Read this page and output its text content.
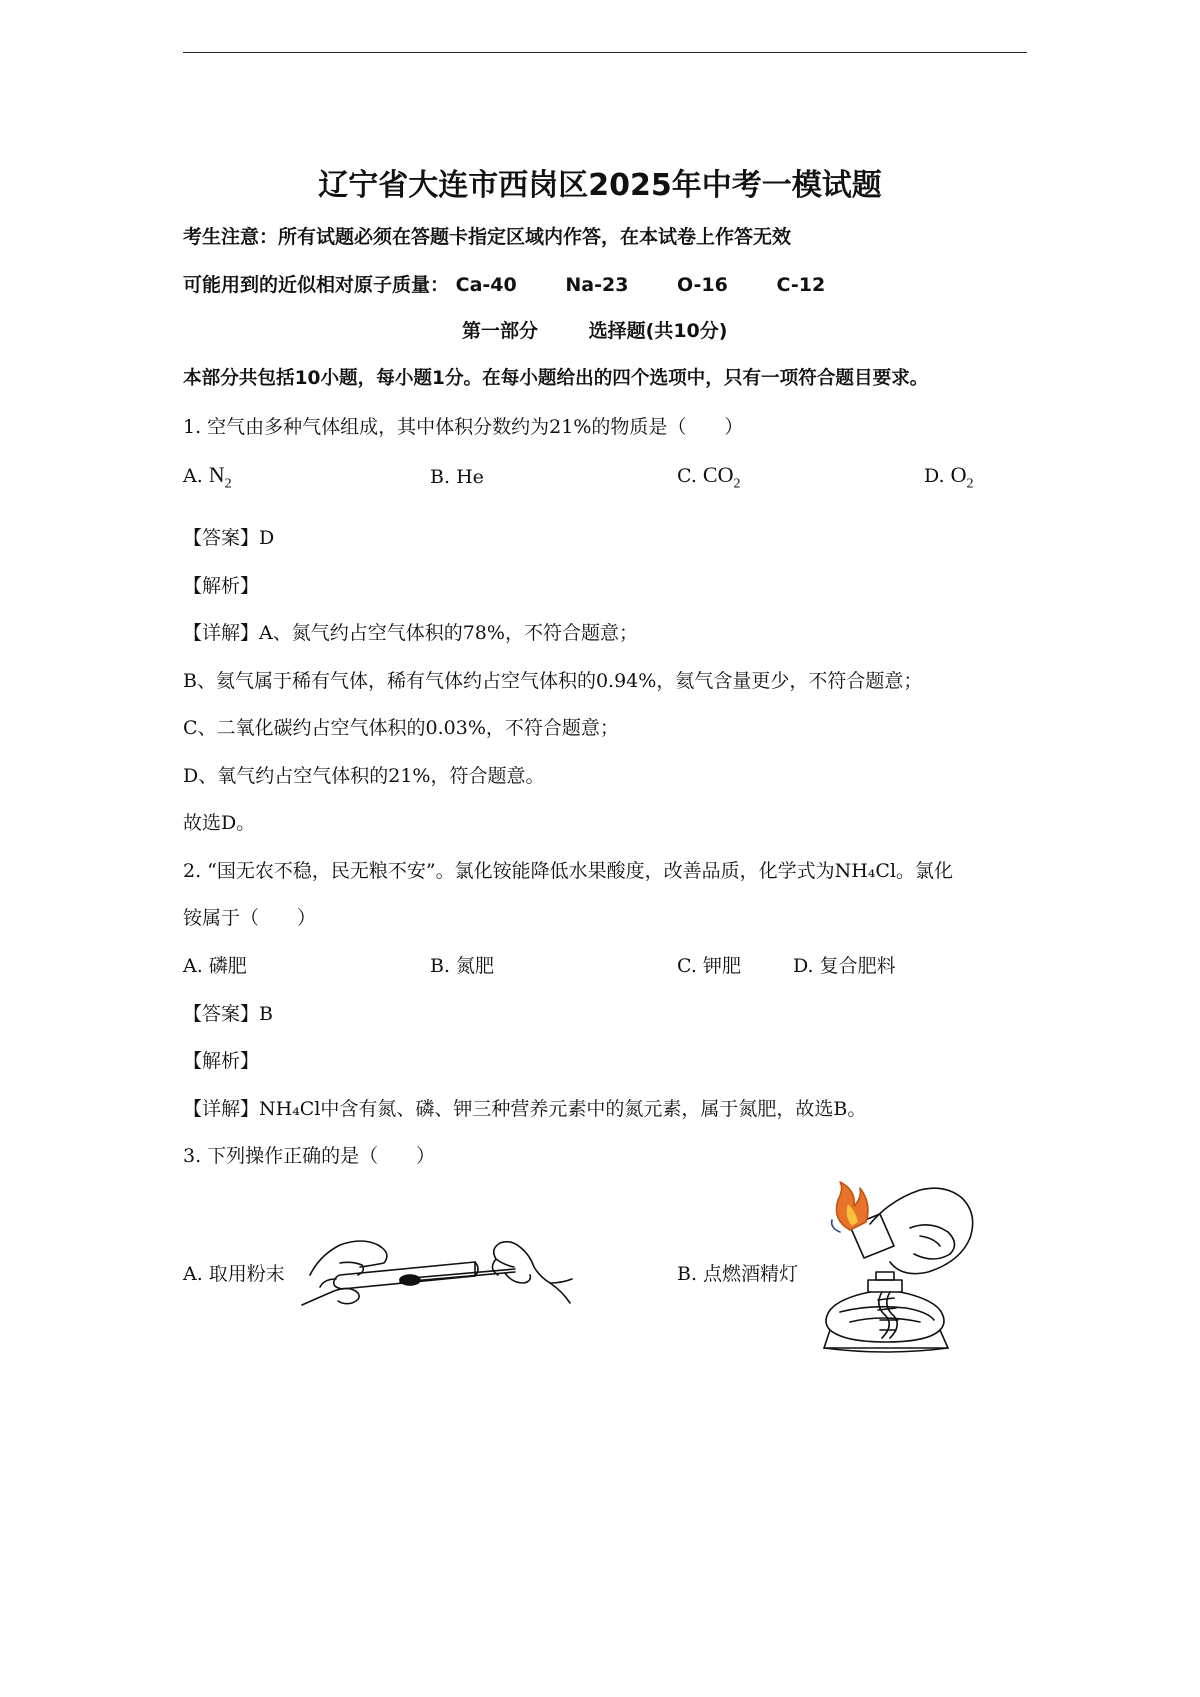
辽宁省大连市西岗区2025年中考一模试题
考生注意：所有试题必须在答题卡指定区域内作答，在本试卷上作答无效
可能用到的近似相对原子质量： Ca-40	Na-23	O-16	C-12
第一部分	选择题(共10分)
本部分共包括10小题，每小题1分。在每小题给出的四个选项中，只有一项符合题目要求。
1. 空气由多种气体组成，其中体积分数约为21%的物质是（　　）
A. $N_2$	B. He	C. $CO_2$	D. $O_2$
【答案】D
【解析】
【详解】A、氮气约占空气体积的78%，不符合题意；
B、氦气属于稀有气体，稀有气体约占空气体积的0.94%，氦气含量更少，不符合题意；
C、二氧化碳约占空气体积的0.03%，不符合题意；
D、氧气约占空气体积的21%，符合题意。
故选D。
2. “国无农不稳，民无粮不安”。氯化铵能降低水果酸度，改善品质，化学式为NH₄Cl。氯化
铵属于（　　）
A. 磷肥	B. 氮肥	C. 钾肥	D. 复合肥料
【答案】B
【解析】
【详解】NH₄Cl中含有氮、磷、钾三种营养元素中的氮元素，属于氮肥，故选B。
3. 下列操作正确的是（　　）
A. 取用粉末	B. 点燃酒精灯
